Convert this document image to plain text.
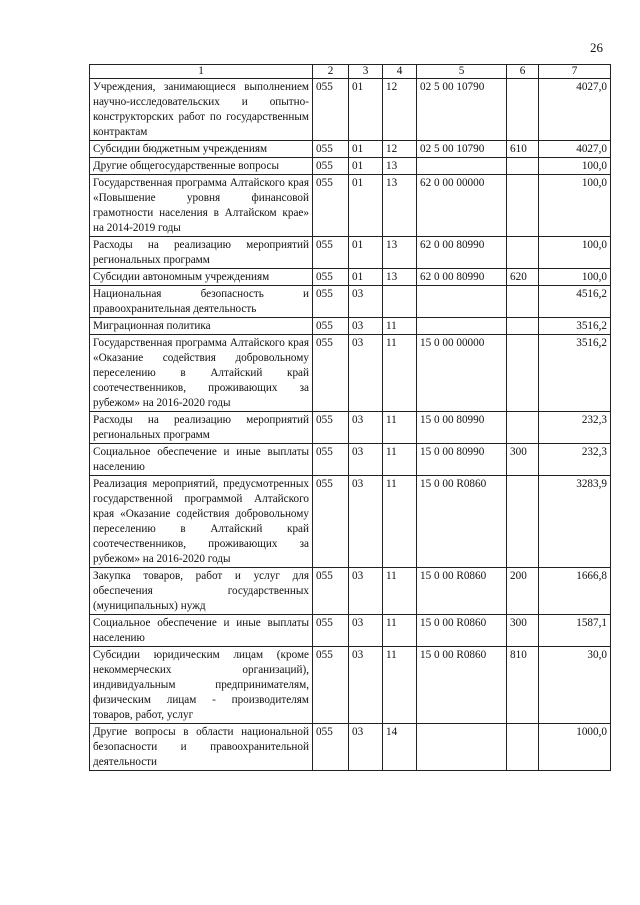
26
1	2	3	4	5	6	7
Учреждения, занимающиеся выполнением научно-исследовательских и опытно-конструкторских работ по государственным контрактам	055	01	12	02 5 00 10790		4027,0
Субсидии бюджетным учреждениям	055	01	12	02 5 00 10790	610	4027,0
Другие общегосударственные вопросы	055	01	13			100,0
Государственная программа Алтайского края «Повышение уровня финансовой грамотности населения в Алтайском крае» на 2014-2019 годы	055	01	13	62 0 00 00000		100,0
Расходы на реализацию мероприятий региональных программ	055	01	13	62 0 00 80990		100,0
Субсидии автономным учреждениям	055	01	13	62 0 00 80990	620	100,0
Национальная безопасность и правоохранительная деятельность	055	03				4516,2
Миграционная политика	055	03	11			3516,2
Государственная программа Алтайского края «Оказание содействия добровольному переселению в Алтайский край соотечественников, проживающих за рубежом» на 2016-2020 годы	055	03	11	15 0 00 00000		3516,2
Расходы на реализацию мероприятий региональных программ	055	03	11	15 0 00 80990		232,3
Социальное обеспечение и иные выплаты населению	055	03	11	15 0 00 80990	300	232,3
Реализация мероприятий, предусмотренных государственной программой Алтайского края «Оказание содействия добровольному переселению в Алтайский край соотечественников, проживающих за рубежом» на 2016-2020 годы	055	03	11	15 0 00 R0860		3283,9
Закупка товаров, работ и услуг для обеспечения государственных (муниципальных) нужд	055	03	11	15 0 00 R0860	200	1666,8
Социальное обеспечение и иные выплаты населению	055	03	11	15 0 00 R0860	300	1587,1
Субсидии юридическим лицам (кроме некоммерческих организаций), индивидуальным предпринимателям, физическим лицам - производителям товаров, работ, услуг	055	03	11	15 0 00 R0860	810	30,0
Другие вопросы в области национальной безопасности и правоохранительной деятельности	055	03	14			1000,0
